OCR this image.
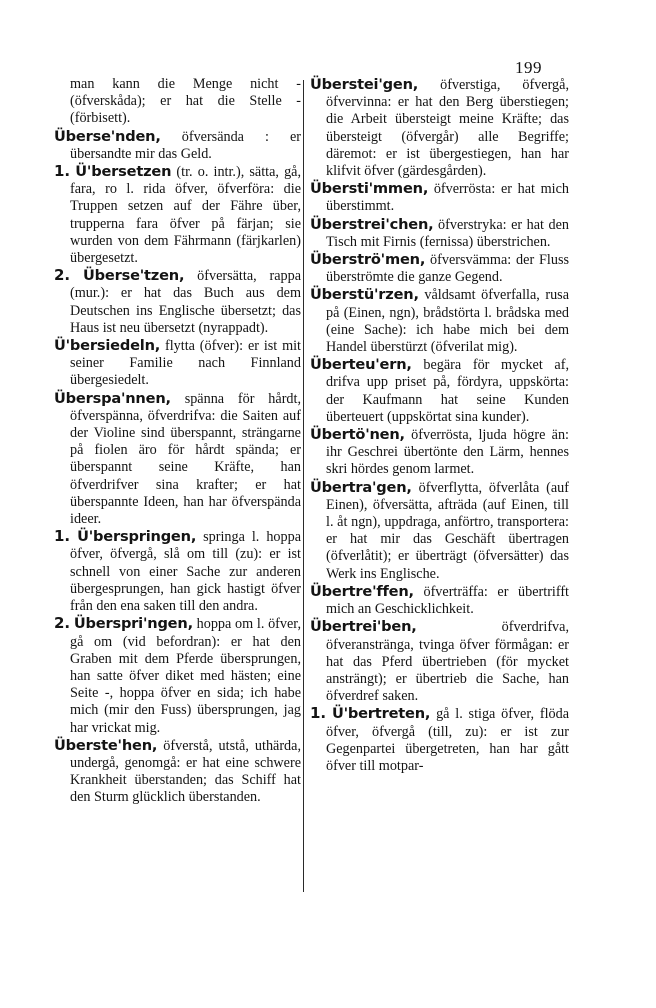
199

man kann die Menge nicht - (öfverskåda); er hat die Stelle - (förbisett).

Überse'nden, öfversända : er übersandte mir das Geld.

1. Ü'bersetzen (tr. o. intr.), sätta, gå, fara, ro l. rida öfver, öfverföra: die Truppen setzen auf der Fähre über, trupperna fara öfver på färjan; sie wurden von dem Fährmann (färjkarlen) übergesetzt.

2. Überse'tzen, öfversätta, rappa (mur.): er hat das Buch aus dem Deutschen ins Englische übersetzt; das Haus ist neu übersetzt (nyrappadt).

Ü'bersiedeln, flytta (öfver): er ist mit seiner Familie nach Finnland übergesiedelt.

Überspa'nnen, spänna för hårdt, öfverspänna, öfverdrifva: die Saiten auf der Violine sind überspannt, strängarne på fiolen äro för hårdt spända; er überspannt seine Kräfte, han öfverdrifver sina krafter; er hat überspannte Ideen, han har öfverspända ideer.

1. Ü'berspringen, springa l. hoppa öfver, öfvergå, slå om till (zu): er ist schnell von einer Sache zur anderen übergesprungen, han gick hastigt öfver från den ena saken till den andra.

2. Überspri'ngen, hoppa om l. öfver, gå om (vid befordran): er hat den Graben mit dem Pferde übersprungen, han satte öfver diket med hästen; eine Seite -, hoppa öfver en sida; ich habe mich (mir den Fuss) übersprungen, jag har vrickat mig.

Überste'hen, öfverstå, utstå, uthärda, undergå, genomgå: er hat eine schwere Krankheit überstanden; das Schiff hat den Sturm glücklich überstanden.

Überstei'gen, öfverstiga, öfvergå, öfvervinna: er hat den Berg überstiegen; die Arbeit übersteigt meine Kräfte; das übersteigt (öfvergår) alle Begriffe; däremot: er ist übergestiegen, han har klifvit öfver (gärdesgården).

Übersti'mmen, öfverrösta: er hat mich überstimmt.

Überstrei'chen, öfverstryka: er hat den Tisch mit Firnis (fernissa) überstrichen.

Überströ'men, öfversvämma: der Fluss überströmte die ganze Gegend.

Überstü'rzen, våldsamt öfverfalla, rusa på (Einen, ngn), brådstörta l. brådska med (eine Sache): ich habe mich bei dem Handel überstürzt (öfverilat mig).

Überteu'ern, begära för mycket af, drifva upp priset på, fördyra, uppskörta: der Kaufmann hat seine Kunden überteuert (uppskörtat sina kunder).

Übertö'nen, öfverrösta, ljuda högre än: ihr Geschrei übertönte den Lärm, hennes skri hördes genom larmet.

Übertra'gen, öfverflytta, öfverlåta (auf Einen), öfversätta, afträda (auf Einen, till l. åt ngn), uppdraga, anförtro, transportera: er hat mir das Geschäft übertragen (öfverlåtit); er überträgt (öfversätter) das Werk ins Englische.

Übertre'ffen, öfverträffa: er übertrifft mich an Geschicklichkeit.

Übertrei'ben, öfverdrifva, öfveranstränga, tvinga öfver förmågan: er hat das Pferd übertrieben (för mycket ansträngt); er übertrieb die Sache, han öfverdref saken.

1. Ü'bertreten, gå l. stiga öfver, flöda öfver, öfvergå (till, zu): er ist zur Gegenpartei übergetreten, han har gått öfver till motpar-
